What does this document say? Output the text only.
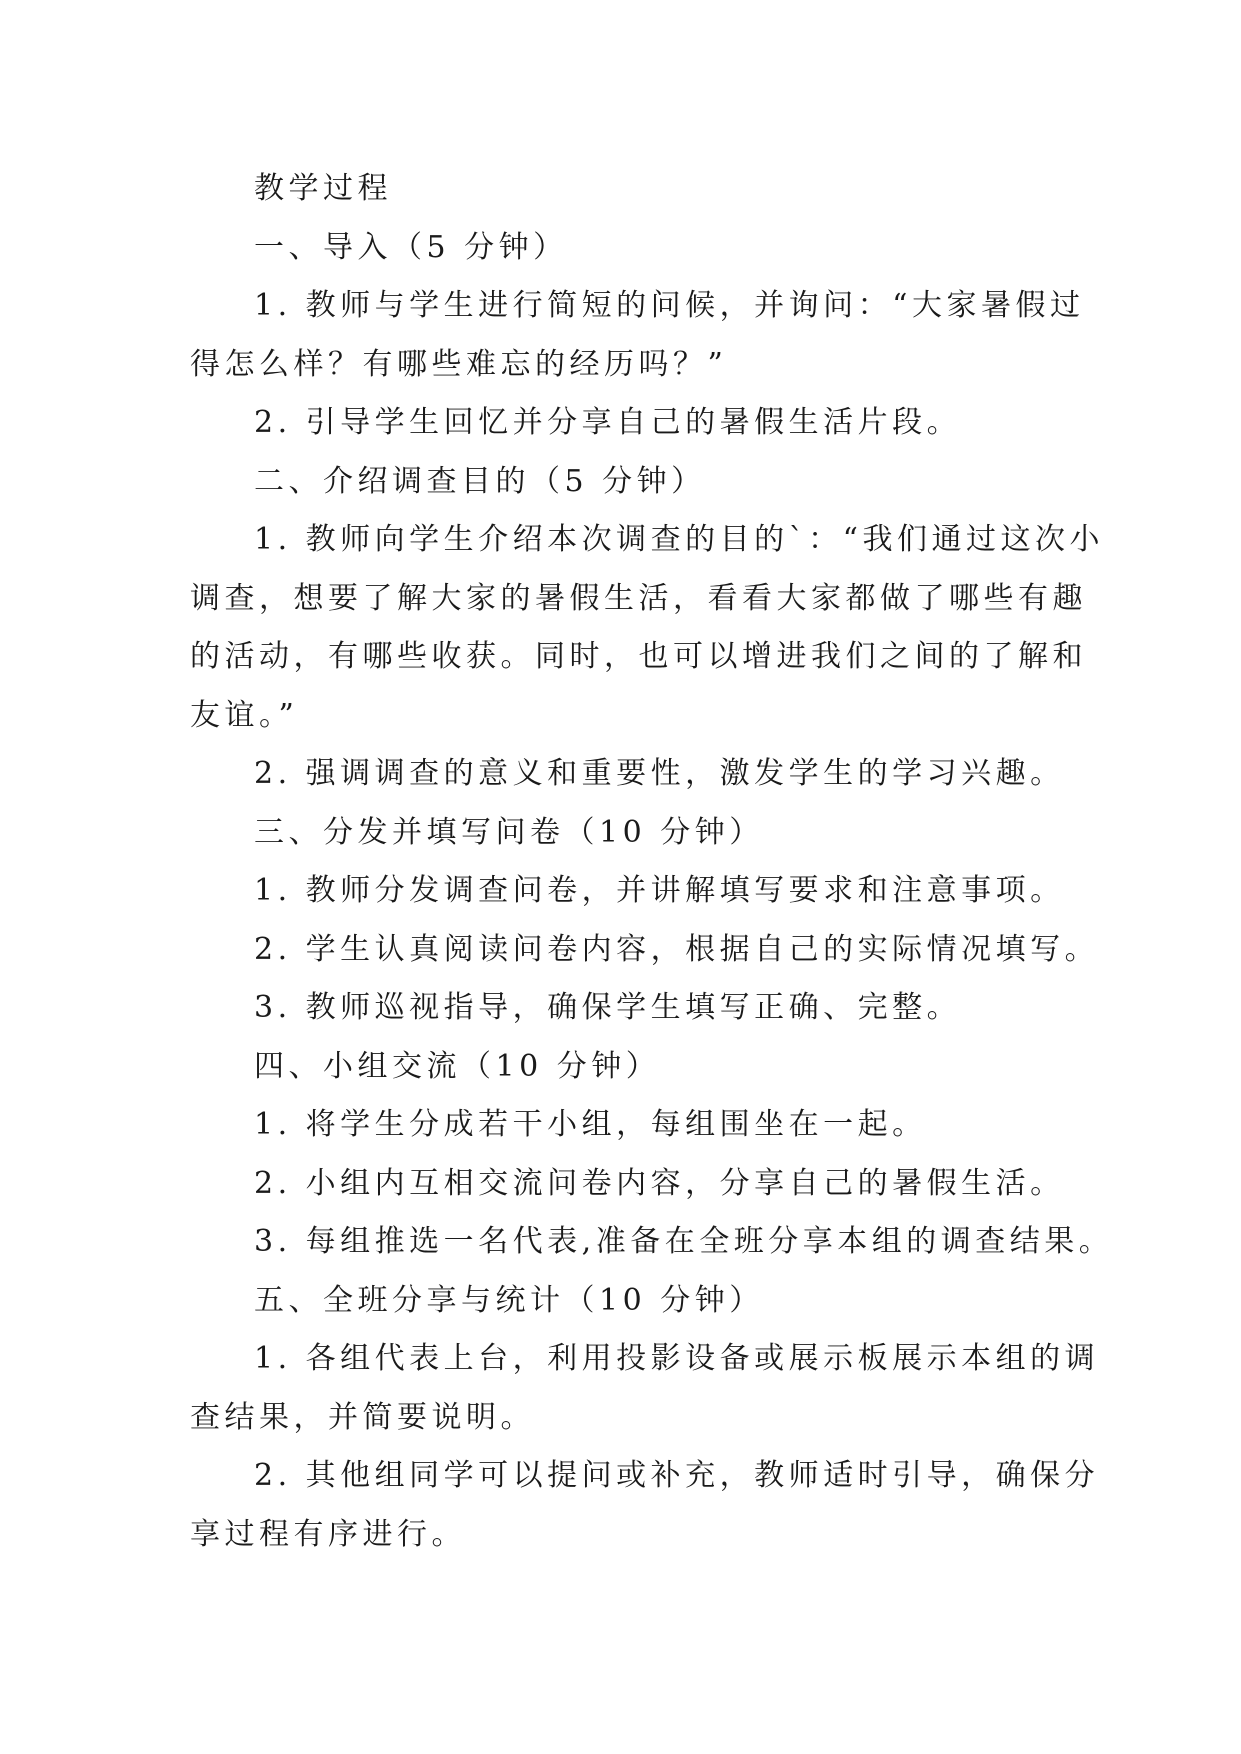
教学过程

一、导入（5 分钟）

1. 教师与学生进行简短的问候，并询问：“大家暑假过

得怎么样？有哪些难忘的经历吗？”

2. 引导学生回忆并分享自己的暑假生活片段。

二、介绍调查目的（5 分钟）

1. 教师向学生介绍本次调查的目的`：“我们通过这次小

调查，想要了解大家的暑假生活，看看大家都做了哪些有趣

的活动，有哪些收获。同时，也可以增进我们之间的了解和

友谊。”

2. 强调调查的意义和重要性，激发学生的学习兴趣。

三、分发并填写问卷（10 分钟）

1. 教师分发调查问卷，并讲解填写要求和注意事项。

2. 学生认真阅读问卷内容，根据自己的实际情况填写。

3. 教师巡视指导，确保学生填写正确、完整。

四、小组交流（10 分钟）

1. 将学生分成若干小组，每组围坐在一起。

2. 小组内互相交流问卷内容，分享自己的暑假生活。

3. 每组推选一名代表,准备在全班分享本组的调查结果。

五、全班分享与统计（10 分钟）

1. 各组代表上台，利用投影设备或展示板展示本组的调

查结果，并简要说明。

2. 其他组同学可以提问或补充，教师适时引导，确保分

享过程有序进行。
